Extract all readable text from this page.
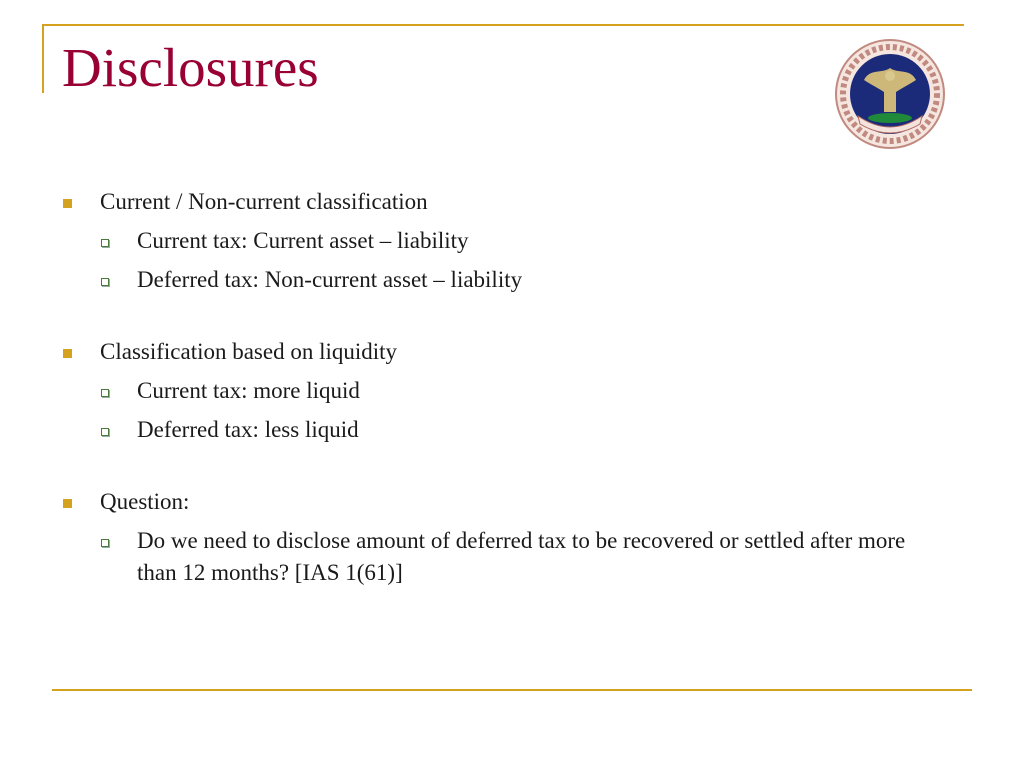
Disclosures
Current / Non-current classification
Current tax: Current asset – liability
Deferred tax: Non-current asset – liability
Classification based on liquidity
Current tax: more liquid
Deferred tax: less liquid
Question:
Do we need to disclose amount of deferred tax to be recovered or settled after more than 12 months? [IAS 1(61)]
